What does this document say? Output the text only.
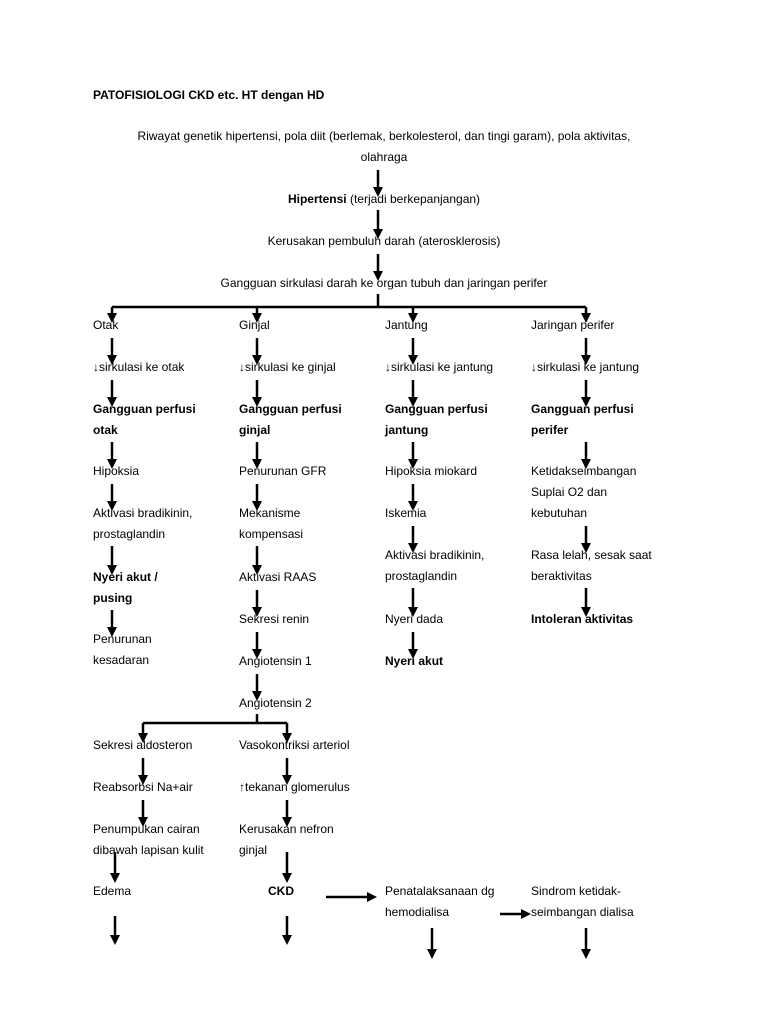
PATOFISIOLOGI CKD etc. HT dengan HD
Riwayat genetik hipertensi, pola diit (berlemak, berkolesterol, dan tingi garam), pola aktivitas,
olahraga
Hipertensi (terjadi berkepanjangan)
Kerusakan pembuluh darah (aterosklerosis)
Gangguan sirkulasi darah ke organ tubuh dan jaringan perifer
Otak
↓sirkulasi ke otak
Gangguan perfusi
otak
Hipoksia
Aktivasi bradikinin,
prostaglandin
Nyeri akut /
pusing
Penurunan
kesadaran
Ginjal
↓sirkulasi ke ginjal
Gangguan perfusi
ginjal
Penurunan GFR
Mekanisme
kompensasi
Aktivasi RAAS
Sekresi renin
Angiotensin 1
Angiotensin 2
Jantung
↓sirkulasi ke jantung
Gangguan perfusi
jantung
Hipoksia miokard
Iskemia
Aktivasi bradikinin,
prostaglandin
Nyeri dada
Nyeri akut
Jaringan perifer
↓sirkulasi ke jantung
Gangguan perfusi
perifer
Ketidakseimbangan
Suplai O2 dan
kebutuhan
Rasa lelah, sesak saat
beraktivitas
Intoleran aktivitas
Sekresi aldosteron
Reabsorbsi Na+air
Penumpukan cairan
dibawah lapisan kulit
Edema
Vasokontriksi arteriol
↑tekanan glomerulus
Kerusakan nefron
ginjal
CKD	Penatalaksanaan dg
hemodialisa
Sindrom ketidak-
seimbangan dialisa
